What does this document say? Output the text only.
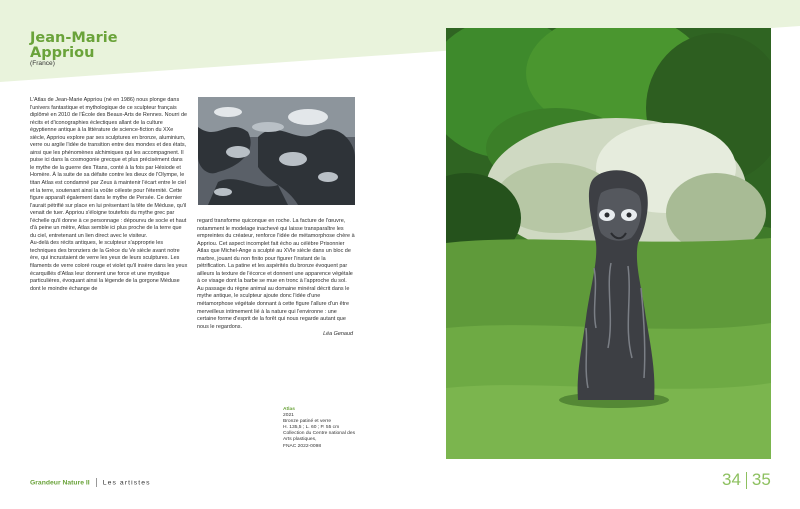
Jean-Marie
Appriou
(France)

L'Atlas de Jean-Marie Appriou (né en 1986) nous plonge dans l'univers fantastique et mythologique de ce sculpteur français diplômé en 2010 de l'École des Beaux-Arts de Rennes. Nourri de récits et d'iconographies éclectiques allant de la culture égyptienne antique à la littérature de science-fiction du XXe siècle, Appriou explore par ses sculptures en bronze, aluminium, verre ou argile l'idée de transition entre des mondes et des états, ainsi que les phénomènes alchimiques qui les accompagnent. Il puise ici dans la cosmogonie grecque et plus précisément dans le mythe de la guerre des Titans, conté à la fois par Hésiode et Homère. À la suite de sa défaite contre les dieux de l'Olympe, le titan Atlas est condamné par Zeus à maintenir l'écart entre le ciel et la terre, soutenant ainsi la voûte céleste pour l'éternité. Cette figure apparaît également dans le mythe de Persée. Ce dernier l'aurait pétrifié sur place en lui présentant la tête de Méduse, qu'il venait de tuer. Appriou s'éloigne toutefois du mythe grec par l'échelle qu'il donne à ce personnage : dépourvu de socle et haut d'à peine un mètre, Atlas semble ici plus proche de la terre que du ciel, entretenant un lien direct avec le visiteur.

Au-delà des récits antiques, le sculpteur s'approprie les techniques des bronziers de la Grèce du Ve siècle avant notre ère, qui incrustaient de verre les yeux de leurs sculptures. Les filaments de verre coloré rouge et violet qu'il insère dans les yeux écarquillés d'Atlas leur donnent une force et une mystique particulières, évoquant ainsi la légende de la gorgone Méduse dont le moindre échange de

regard transforme quiconque en roche. La facture de l'œuvre, notamment le modelage inachevé qui laisse transparaître les empreintes du créateur, renforce l'idée de métamorphose chère à Appriou. Cet aspect incomplet fait écho au célèbre Prisonnier Atlas que Michel-Ange a sculpté au XVIe siècle dans un bloc de marbre, jouant du non finito pour figurer l'instant de la pétrification. La patine et les aspérités du bronze évoquent par ailleurs la texture de l'écorce et donnent une apparence végétale à ce visage dont la barbe se mue en tronc à l'approche du sol.

Au passage du règne animal au domaine minéral décrit dans le mythe antique, le sculpteur ajoute donc l'idée d'une métamorphose végétale donnant à cette figure l'allure d'un être merveilleux intimement lié à la nature qui l'environne : une certaine forme d'esprit de la forêt qui nous regarde autant que nous le regardons.

Léa Genaud

Atlas
2021
Bronze patiné et verre
H. 135,5 ; L. 60 ; P. 55 cm
Collection du Centre national des Arts plastiques,
FNAC 2022-0098
Grandeur Nature II Les artistes	34 35
